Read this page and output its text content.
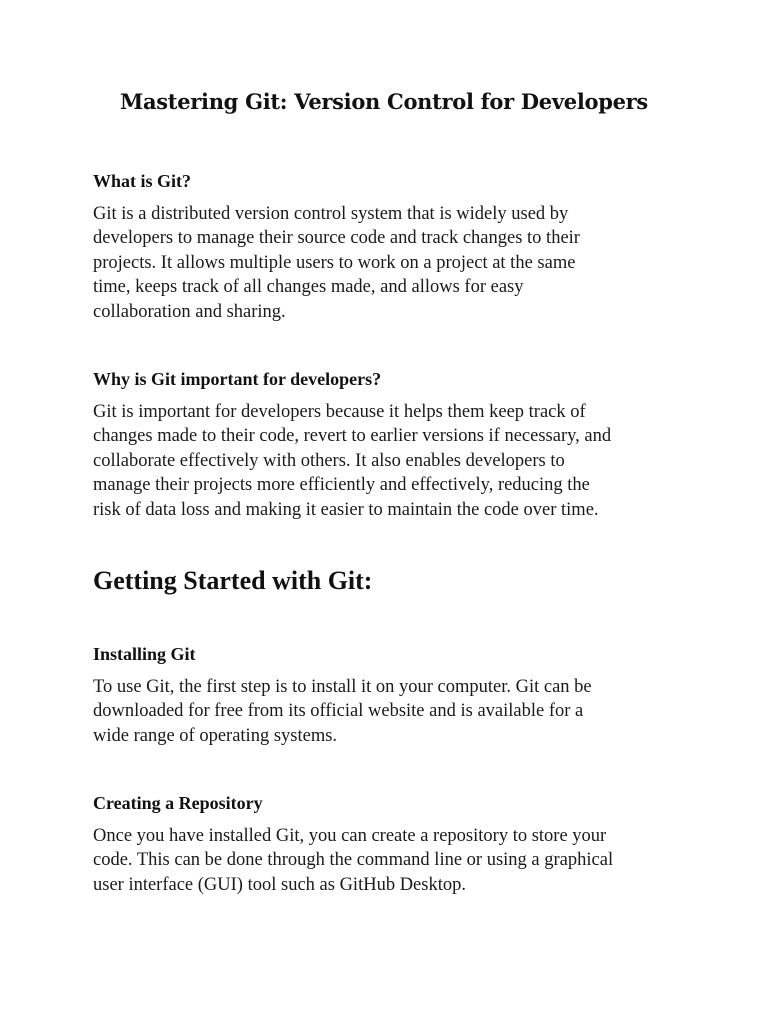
Mastering Git: Version Control for Developers
What is Git?

Git is a distributed version control system that is widely used by
developers to manage their source code and track changes to their
projects. It allows multiple users to work on a project at the same
time, keeps track of all changes made, and allows for easy
collaboration and sharing.

Why is Git important for developers?

Git is important for developers because it helps them keep track of
changes made to their code, revert to earlier versions if necessary, and
collaborate effectively with others. It also enables developers to
manage their projects more efficiently and effectively, reducing the
risk of data loss and making it easier to maintain the code over time.

Getting Started with Git:
Installing Git

To use Git, the first step is to install it on your computer. Git can be
downloaded for free from its official website and is available for a
wide range of operating systems.

Creating a Repository

Once you have installed Git, you can create a repository to store your
code. This can be done through the command line or using a graphical
user interface (GUI) tool such as GitHub Desktop.
